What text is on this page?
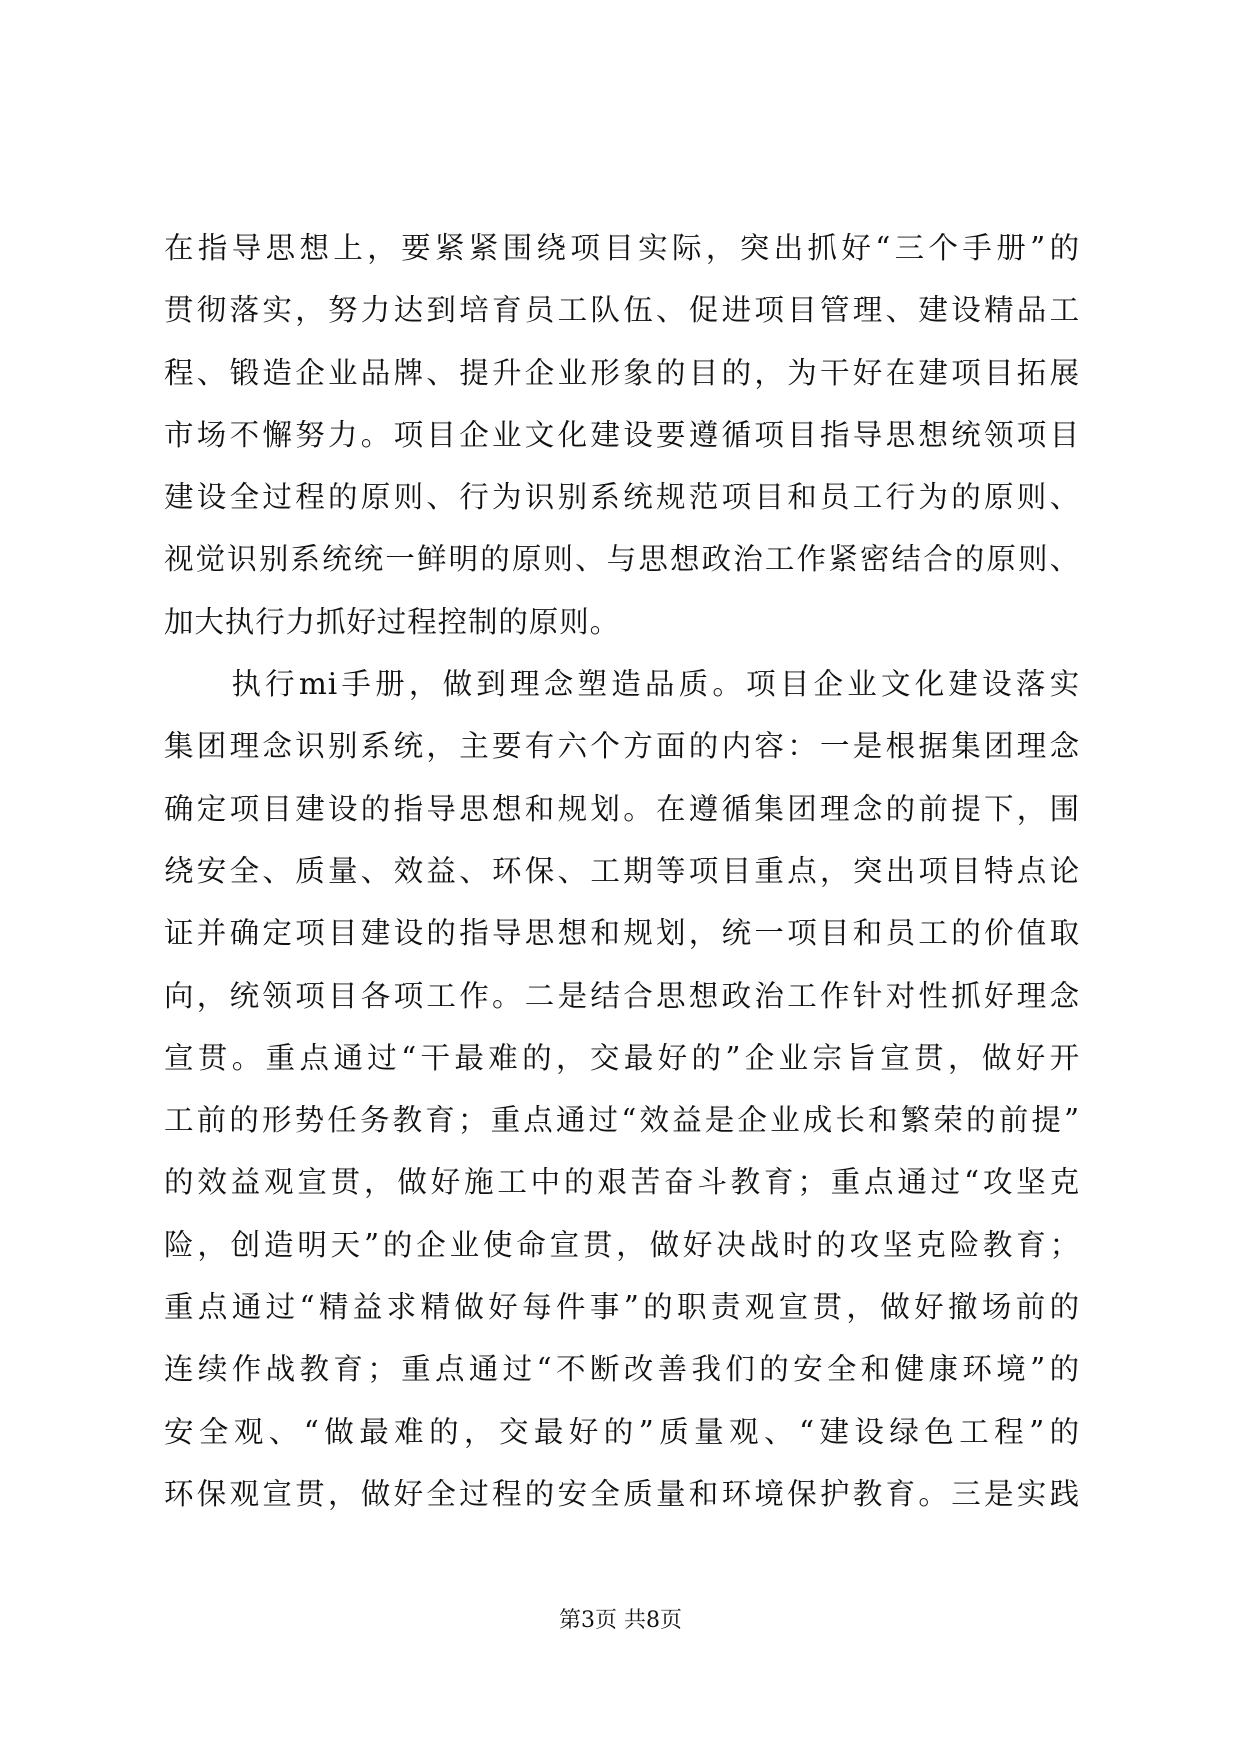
在指导思想上，要紧紧围绕项目实际，突出抓好“三个手册”的
贯彻落实，努力达到培育员工队伍、促进项目管理、建设精品工
程、锻造企业品牌、提升企业形象的目的，为干好在建项目拓展
市场不懈努力。项目企业文化建设要遵循项目指导思想统领项目
建设全过程的原则、行为识别系统规范项目和员工行为的原则、
视觉识别系统统一鲜明的原则、与思想政治工作紧密结合的原则、
加大执行力抓好过程控制的原则。
　　执行mi手册，做到理念塑造品质。项目企业文化建设落实
集团理念识别系统，主要有六个方面的内容：一是根据集团理念
确定项目建设的指导思想和规划。在遵循集团理念的前提下，围
绕安全、质量、效益、环保、工期等项目重点，突出项目特点论
证并确定项目建设的指导思想和规划，统一项目和员工的价值取
向，统领项目各项工作。二是结合思想政治工作针对性抓好理念
宣贯。重点通过“干最难的，交最好的”企业宗旨宣贯，做好开
工前的形势任务教育；重点通过“效益是企业成长和繁荣的前提”
的效益观宣贯，做好施工中的艰苦奋斗教育；重点通过“攻坚克
险，创造明天”的企业使命宣贯，做好决战时的攻坚克险教育；
重点通过“精益求精做好每件事”的职责观宣贯，做好撤场前的
连续作战教育；重点通过“不断改善我们的安全和健康环境”的
安全观、“做最难的，交最好的”质量观、“建设绿色工程”的
环保观宣贯，做好全过程的安全质量和环境保护教育。三是实践
第3页 共8页
